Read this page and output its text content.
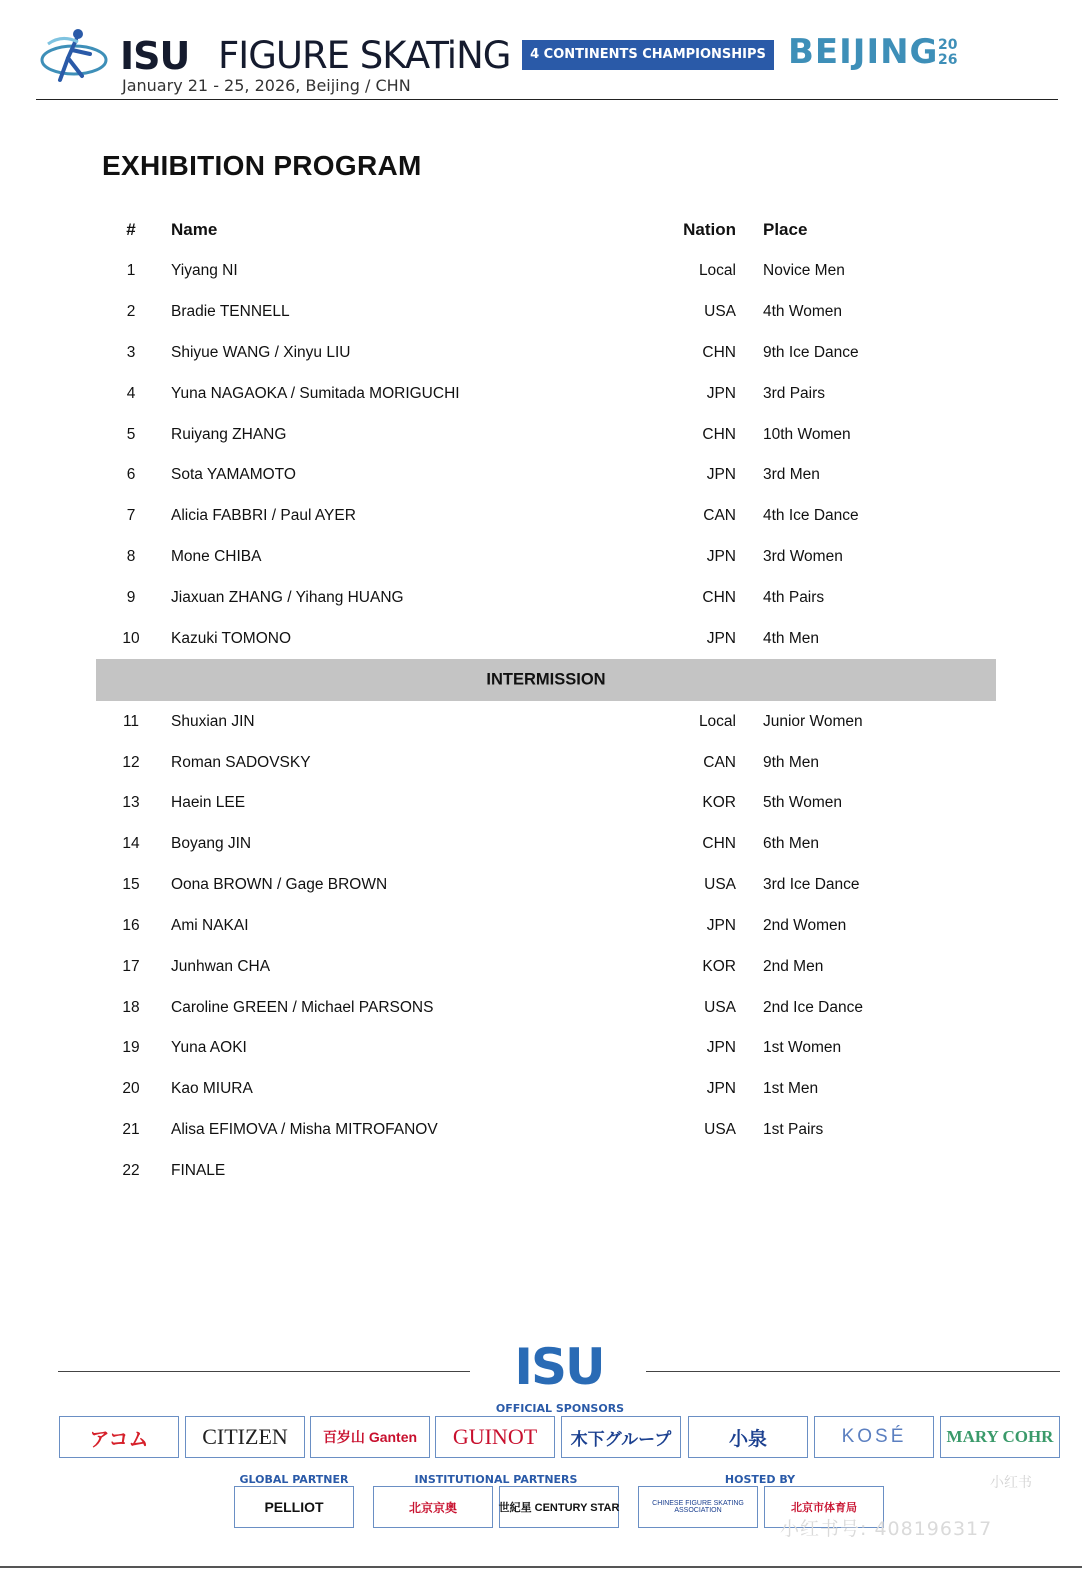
ISU FIGURE SKATiNG	4 CONTINENTS CHAMPIONSHIPS BEIJING 20
26
January 21 - 25, 2026, Beijing / CHN
EXHIBITION PROGRAM
#	Name	Nation Place
1	Yiyang NI	Local Novice Men
2	Bradie TENNELL	USA 4th Women
3	Shiyue WANG / Xinyu LIU	CHN 9th Ice Dance
4	Yuna NAGAOKA / Sumitada MORIGUCHI	JPN 3rd Pairs
5	Ruiyang ZHANG	CHN 10th Women
6	Sota YAMAMOTO	JPN 3rd Men
7	Alicia FABBRI / Paul AYER	CAN 4th Ice Dance
8	Mone CHIBA	JPN 3rd Women
9	Jiaxuan ZHANG / Yihang HUANG	CHN 4th Pairs
10	Kazuki TOMONO	JPN 4th Men
INTERMISSION
11	Shuxian JIN	Local Junior Women
12	Roman SADOVSKY	CAN 9th Men
13	Haein LEE	KOR 5th Women
14	Boyang JIN	CHN 6th Men
15	Oona BROWN / Gage BROWN	USA 3rd Ice Dance
16	Ami NAKAI	JPN 2nd Women
17	Junhwan CHA	KOR 2nd Men
18	Caroline GREEN / Michael PARSONS	USA 2nd Ice Dance
19	Yuna AOKI	JPN 1st Women
20	Kao MIURA	JPN 1st Men
21	Alisa EFIMOVA / Misha MITROFANOV	USA 1st Pairs
22	FINALE
ISU
OFFICIAL SPONSORS
アコム CITIZEN	百岁山 Ganten GUINOT 木下グループ	小泉	KOSÉ MARY COHR
GLOBAL PARTNER	INSTITUTIONAL PARTNERS	HOSTED BY
PELLIOT	北京京奥	世紀星 CENTURY STAR	CHINESE FIGURE SKATING ASSOCIATION	北京市体育局
小红书
小红书号: 408196317
